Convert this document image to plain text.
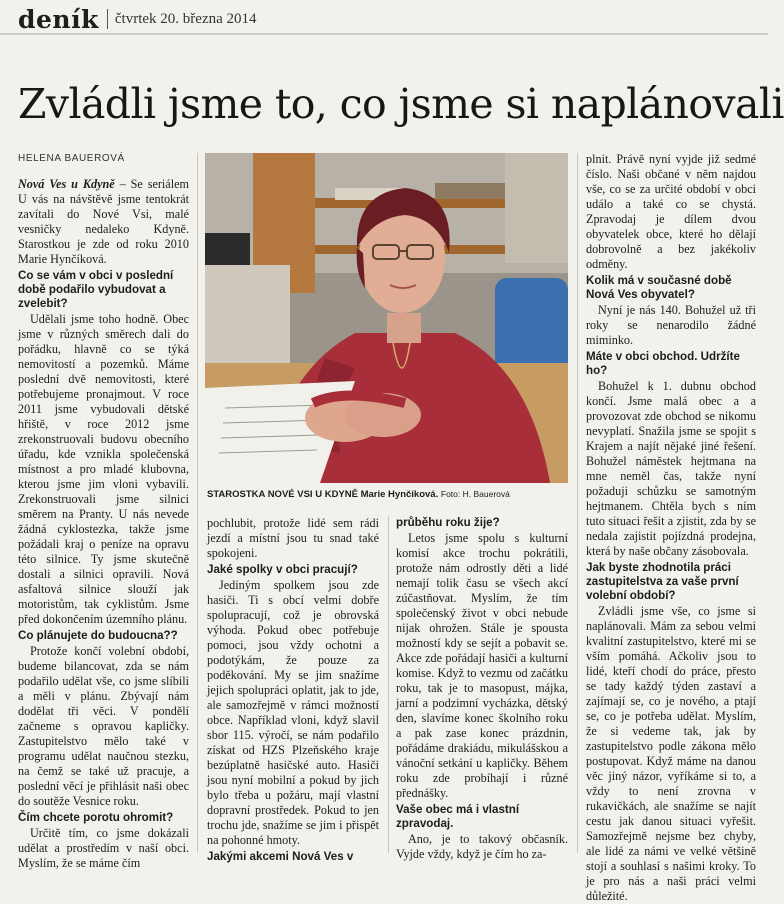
deník čtvrtek 20. března 2014
Zvládli jsme to, co jsme si naplánovali
HELENA BAUEROVÁ

Nová Ves u Kdyně – Se seriálem U vás na návštěvě jsme tentokrát zavítali do Nové Vsi, malé vesničky nedaleko Kdyně. Starostkou je zde od roku 2010 Marie Hynčíková.

Co se vám v obci v poslední době podařilo vybudovat a zvelebit?

Udělali jsme toho hodně. Obec jsme v různých směrech dali do pořádku, hlavně co se týká nemovitostí a pozemků. Máme poslední dvě nemovitosti, které potřebujeme pronajmout. V roce 2011 jsme vybudovali dětské hřiště, v roce 2012 jsme zrekonstruovali budovu obecního úřadu, kde vznikla společenská místnost a pro mladé klubovna, kterou jsme jim vloni vybavili. Zrekonstruovali jsme silnici směrem na Pranty. U nás nevede žádná cyklostezka, takže jsme požádali kraj o peníze na opravu této silnice. Ty jsme skutečně dostali a silnici opravili. Nová asfaltová silnice slouží jak motoristům, tak cyklistům. Jsme před dokončením územního plánu.

Co plánujete do budoucna??

Protože končí volební období, budeme bilancovat, zda se nám podařilo udělat vše, co jsme slíbili a měli v plánu. Zbývají nám dodělat tři věci. V pondělí začneme s opravou kapličky. Zastupitelstvo mělo také v programu udělat naučnou stezku, na čemž se také už pracuje, a poslední věcí je přihlásit naši obec do soutěže Vesnice roku.

Čím chcete porotu ohromit?

Určitě tím, co jsme dokázali udělat a prostředím v naší obci. Myslím, že se máme čím

STAROSTKA NOVÉ VSI U KDYNĚ Marie Hynčíková. Foto: H. Bauerová

pochlubit, protože lidé sem rádi jezdí a místní jsou tu snad také spokojeni.

Jaké spolky v obci pracují?

Jediným spolkem jsou zde hasiči. Ti s obcí velmi dobře spolupracují, což je obrovská výhoda. Pokud obec potřebuje pomoci, jsou vždy ochotni a podotýkám, že pouze za poděkování. My se jim snažíme jejich spolupráci oplatit, jak to jde, ale samozřejmě v rámci možností obce. Například vloni, když slavil sbor 115. výročí, se nám podařilo získat od HZS Plzeňského kraje bezúplatně hasičské auto. Hasiči jsou nyní mobilní a pokud by jich bylo třeba u požáru, mají vlastní dopravní prostředek. Pokud to jen trochu jde, snažíme se jim i přispět na pohonné hmoty.

Jakými akcemi Nová Ves v
průběhu roku žije?

Letos jsme spolu s kulturní komisí akce trochu pokrátili, protože nám odrostly děti a lidé nemají tolik času se všech akcí zúčastňovat. Myslím, že tím společenský život v obci nebude nijak ohrožen. Stále je spousta možností kdy se sejít a pobavit se. Akce zde pořádají hasiči a kulturní komise. Když to vezmu od začátku roku, tak je to masopust, májka, jarní a podzimní vycházka, dětský den, slavíme konec školního roku a pak zase konec prázdnin, pořádáme drakiádu, mikulášskou a vánoční setkání u kapličky. Během roku zde probíhají i různé přednášky.

Vaše obec má i vlastní zpravodaj.

Ano, je to takový občasník. Vyjde vždy, když je čím ho za-

plnit. Právě nyní vyjde již sedmé číslo. Naši občané v něm najdou vše, co se za určité období v obci událo a také co se chystá. Zpravodaj je dílem dvou obyvatelek obce, které ho dělají dobrovolně a bez jakékoliv odměny.

Kolik má v současné době Nová Ves obyvatel?

Nyní je nás 140. Bohužel už tři roky se nenarodilo žádné miminko.

Máte v obci obchod. Udržíte ho?

Bohužel k 1. dubnu obchod končí. Jsme malá obec a a provozovat zde obchod se nikomu nevyplatí. Snažila jsme se spojit s Krajem a najít nějaké jiné řešení. Bohužel náměstek hejtmana na mne neměl čas, takže nyní požaduji schůzku se samotným hejtmanem. Chtěla bych s ním tuto situaci řešit a zjistit, zda by se nedala zajistit pojízdná prodejna, která by naše občany zásobovala.

Jak byste zhodnotila práci zastupitelstva za vaše první volební období?

Zvládli jsme vše, co jsme si naplánovali. Mám za sebou velmi kvalitní zastupitelstvo, které mi se vším pomáhá. Ačkoliv jsou to lidé, kteří chodí do práce, přesto se tady každý týden zastaví a zajímají se, co je nového, a ptají se, co je potřeba udělat. Myslím, že si vedeme tak, jak by zastupitelstvo podle zákona mělo postupovat. Když máme na danou věc jiný názor, vyříkáme si to, a vždy to není zrovna v rukavičkách, ale snažíme se najít cestu jak danou situaci vyřešit. Samozřejmě nejsme bez chyby, ale lidé za námi ve velké většině stojí a souhlasí s našimi kroky. To je pro nás a naši práci velmi důležité.
